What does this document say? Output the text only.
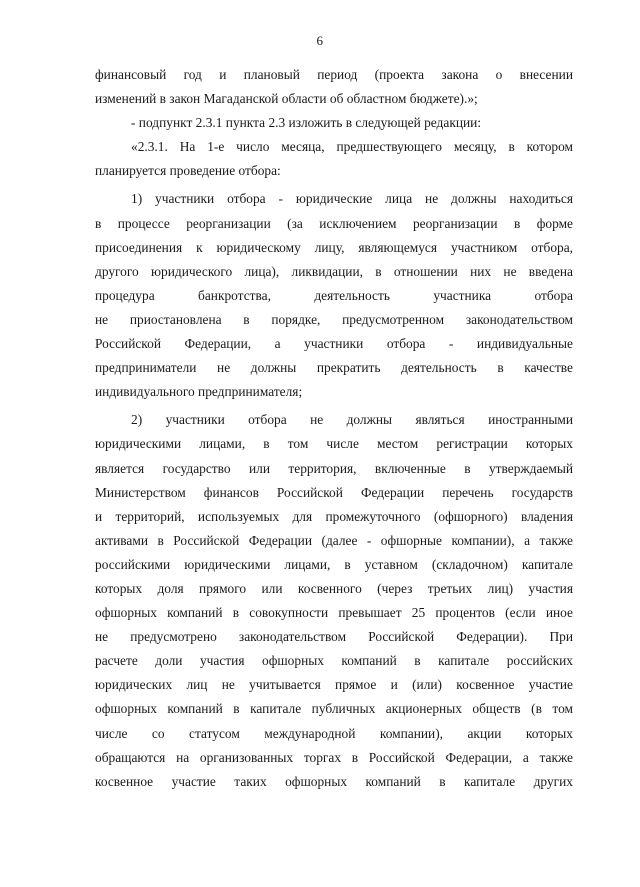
6
финансовый год и плановый период (проекта закона о внесении
изменений в закон Магаданской области об областном бюджете).»;
- подпункт 2.3.1 пункта 2.3 изложить в следующей редакции:
«2.3.1. На 1-е число месяца, предшествующего месяцу, в котором
планируется проведение отбора:
1) участники отбора - юридические лица не должны находиться
в процессе реорганизации (за исключением реорганизации в форме
присоединения к юридическому лицу, являющемуся участником отбора,
другого юридического лица), ликвидации, в отношении них не введена
процедура банкротства, деятельность участника отбора
не приостановлена в порядке, предусмотренном законодательством
Российской Федерации, а участники отбора - индивидуальные
предприниматели не должны прекратить деятельность в качестве
индивидуального предпринимателя;
2) участники отбора не должны являться иностранными
юридическими лицами, в том числе местом регистрации которых
является государство или территория, включенные в утверждаемый
Министерством финансов Российской Федерации перечень государств
и территорий, используемых для промежуточного (офшорного) владения
активами в Российской Федерации (далее - офшорные компании), а также
российскими юридическими лицами, в уставном (складочном) капитале
которых доля прямого или косвенного (через третьих лиц) участия
офшорных компаний в совокупности превышает 25 процентов (если иное
не предусмотрено законодательством Российской Федерации). При
расчете доли участия офшорных компаний в капитале российских
юридических лиц не учитывается прямое и (или) косвенное участие
офшорных компаний в капитале публичных акционерных обществ (в том
числе со статусом международной компании), акции которых
обращаются на организованных торгах в Российской Федерации, а также
косвенное участие таких офшорных компаний в капитале других
